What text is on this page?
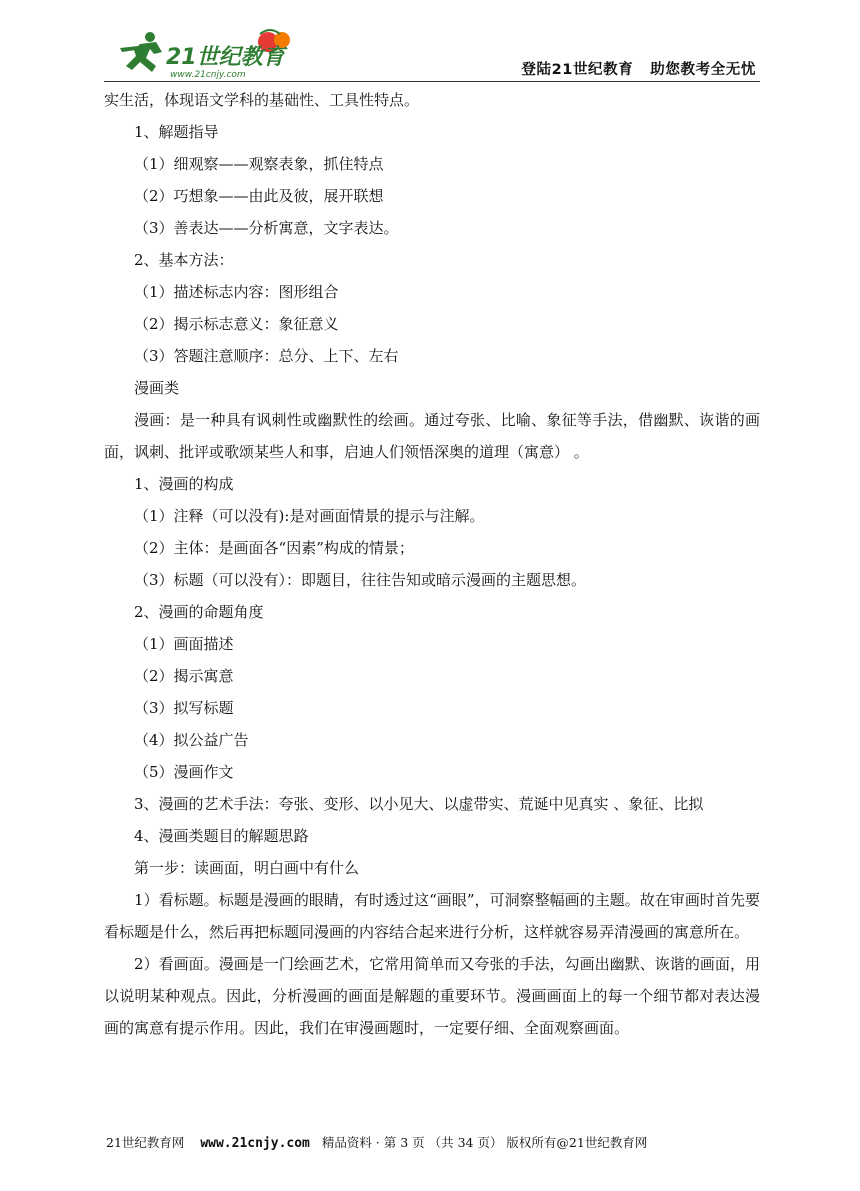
21世纪教育
www.21cnjy.com	登陆21世纪教育   助您教考全无忧

实生活，体现语文学科的基础性、工具性特点。

1、解题指导

（1）细观察——观察表象，抓住特点

（2）巧想象——由此及彼，展开联想

（3）善表达——分析寓意，文字表达。

2、基本方法：

（1）描述标志内容：图形组合

（2）揭示标志意义：象征意义

（3）答题注意顺序：总分、上下、左右

漫画类

漫画：是一种具有讽刺性或幽默性的绘画。通过夸张、比喻、象征等手法，借幽默、诙谐的画面，讽刺、批评或歌颂某些人和事，启迪人们领悟深奥的道理（寓意） 。

1、漫画的构成

（1）注释（可以没有):是对画面情景的提示与注解。

（2）主体：是画面各“因素”构成的情景；

（3）标题（可以没有）：即题目，往往告知或暗示漫画的主题思想。

2、漫画的命题角度

（1）画面描述

（2）揭示寓意

（3）拟写标题

（4）拟公益广告

（5）漫画作文

3、漫画的艺术手法：夸张、变形、以小见大、以虚带实、荒诞中见真实 、象征、比拟

4、漫画类题目的解题思路

第一步：读画面，明白画中有什么

1）看标题。标题是漫画的眼睛，有时透过这“画眼”，可洞察整幅画的主题。故在审画时首先要看标题是什么，然后再把标题同漫画的内容结合起来进行分析，这样就容易弄清漫画的寓意所在。

2）看画面。漫画是一门绘画艺术，它常用简单而又夸张的手法，勾画出幽默、诙谐的画面，用以说明某种观点。因此，分析漫画的画面是解题的重要环节。漫画画面上的每一个细节都对表达漫画的寓意有提示作用。因此，我们在审漫画题时，一定要仔细、全面观察画面。

21世纪教育网 www.21cnjy.com 精品资料 · 第 3 页 （共 34 页） 版权所有@21世纪教育网
